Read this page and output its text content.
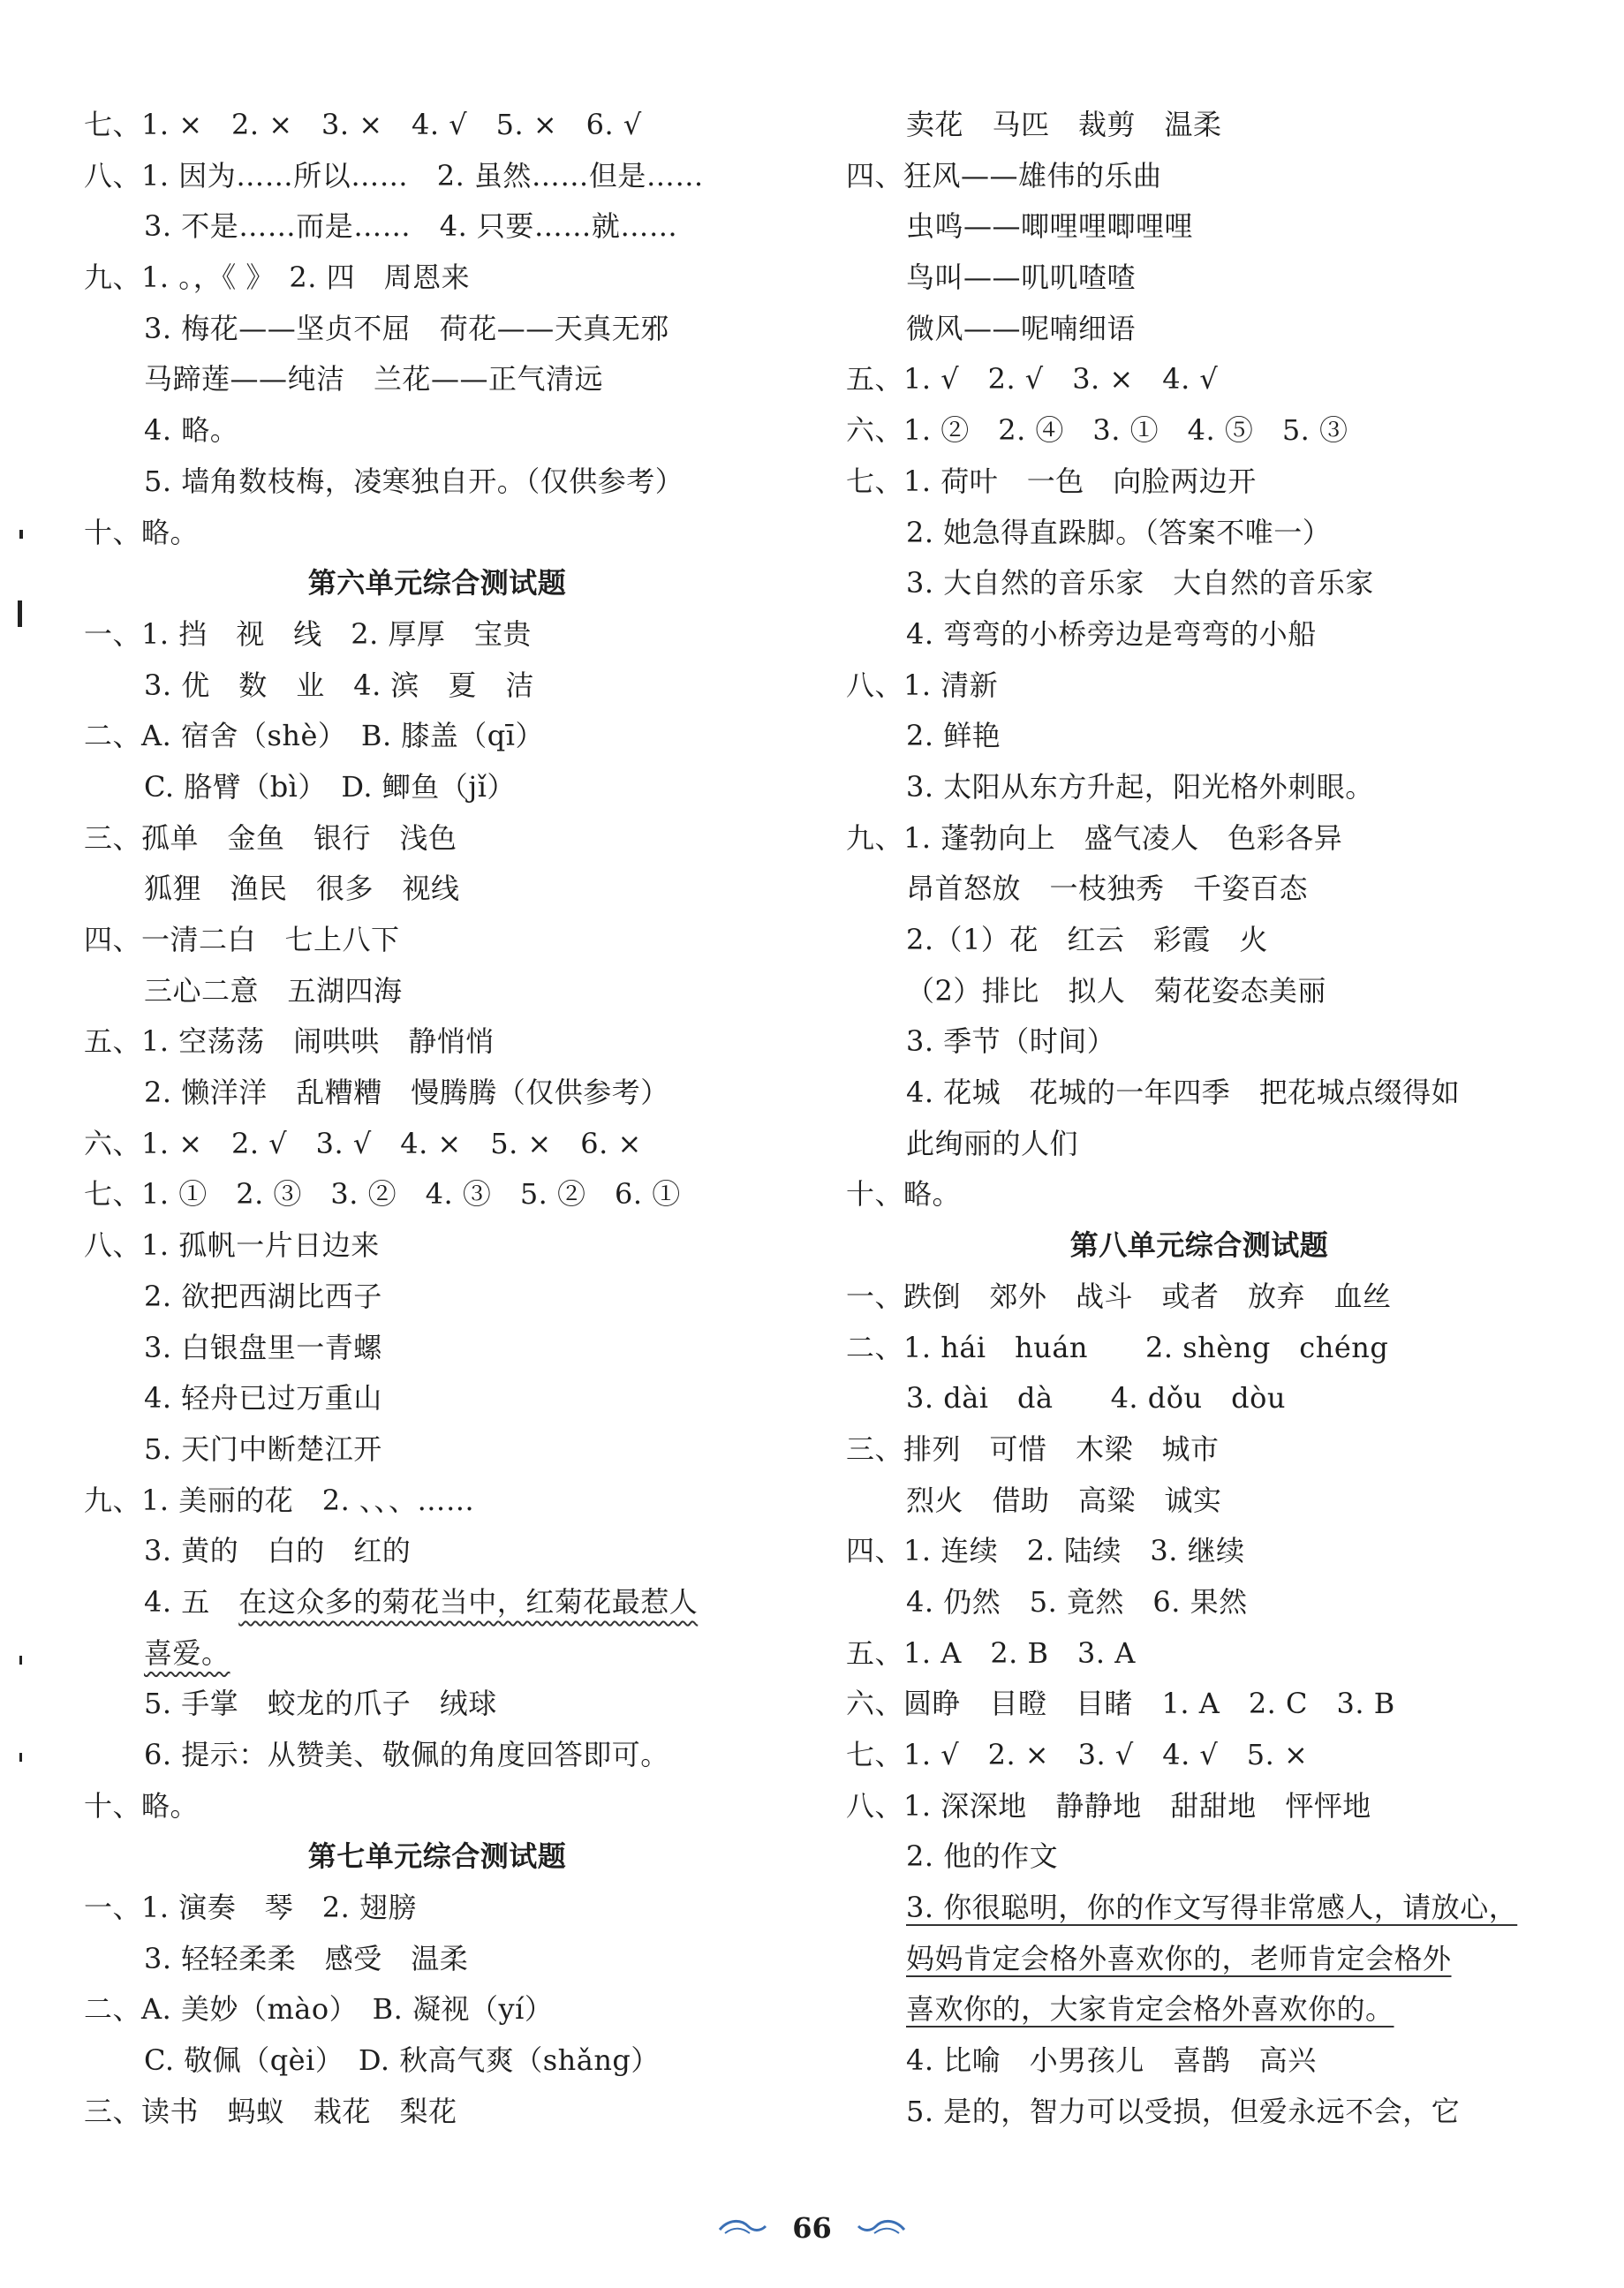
七、1. ×　2. ×　3. ×　4. √　5. ×　6. √
八、1. 因为……所以……　2. 虽然……但是……
3. 不是……而是……　4. 只要……就……
九、1. 。，《 》　2. 四　周恩来
3. 梅花——坚贞不屈　荷花——天真无邪
马蹄莲——纯洁　兰花——正气清远
4. 略。
5. 墙角数枝梅，凌寒独自开。（仅供参考）
十、略。
第六单元综合测试题
一、1. 挡　视　线　2. 厚厚　宝贵
3. 优　数　业　4. 滨　夏　洁
二、A. 宿舍（shè）　B. 膝盖（qī）
C. 胳臂（bì）　D. 鲫鱼（jǐ）
三、孤单　金鱼　银行　浅色
狐狸　渔民　很多　视线
四、一清二白　七上八下
三心二意　五湖四海
五、1. 空荡荡　闹哄哄　静悄悄
2. 懒洋洋　乱糟糟　慢腾腾（仅供参考）
六、1. ×　2. √　3. √　4. ×　5. ×　6. ×
七、1. ①　2. ③　3. ②　4. ③　5. ②　6. ①
八、1. 孤帆一片日边来
2. 欲把西湖比西子
3. 白银盘里一青螺
4. 轻舟已过万重山
5. 天门中断楚江开
九、1. 美丽的花　2. 、、、……
3. 黄的　白的　红的
4. 五　在这众多的菊花当中，红菊花最惹人
喜爱。
5. 手掌　蛟龙的爪子　绒球
6. 提示：从赞美、敬佩的角度回答即可。
十、略。
第七单元综合测试题
一、1. 演奏　琴　2. 翅膀
3. 轻轻柔柔　感受　温柔
二、A. 美妙（mào）　B. 凝视（yí）
C. 敬佩（qèi）　D. 秋高气爽（shǎng）
三、读书　蚂蚁　栽花　梨花
卖花　马匹　裁剪　温柔
四、狂风——雄伟的乐曲
虫鸣——唧哩哩唧哩哩
鸟叫——叽叽喳喳
微风——呢喃细语
五、1. √　2. √　3. ×　4. √
六、1. ②　2. ④　3. ①　4. ⑤　5. ③
七、1. 荷叶　一色　向脸两边开
2. 她急得直跺脚。（答案不唯一）
3. 大自然的音乐家　大自然的音乐家
4. 弯弯的小桥旁边是弯弯的小船
八、1. 清新
2. 鲜艳
3. 太阳从东方升起，阳光格外刺眼。
九、1. 蓬勃向上　盛气凌人　色彩各异
昂首怒放　一枝独秀　千姿百态
2.（1）花　红云　彩霞　火
（2）排比　拟人　菊花姿态美丽
3. 季节（时间）
4. 花城　花城的一年四季　把花城点缀得如
此绚丽的人们
十、略。
第八单元综合测试题
一、跌倒　郊外　战斗　或者　放弃　血丝
二、1. hái　huán　　2. shèng　chéng
3. dài　dà　　4. dǒu　dòu
三、排列　可惜　木梁　城市
烈火　借助　高粱　诚实
四、1. 连续　2. 陆续　3. 继续
4. 仍然　5. 竟然　6. 果然
五、1. A　2. B　3. A
六、圆睁　目瞪　目睹　1. A　2. C　3. B
七、1. √　2. ×　3. √　4. √　5. ×
八、1. 深深地　静静地　甜甜地　怦怦地
2. 他的作文
3. 你很聪明，你的作文写得非常感人，请放心，
妈妈肯定会格外喜欢你的，老师肯定会格外
喜欢你的，大家肯定会格外喜欢你的。
4. 比喻　小男孩儿　喜鹊　高兴
5. 是的，智力可以受损，但爱永远不会，它
66
